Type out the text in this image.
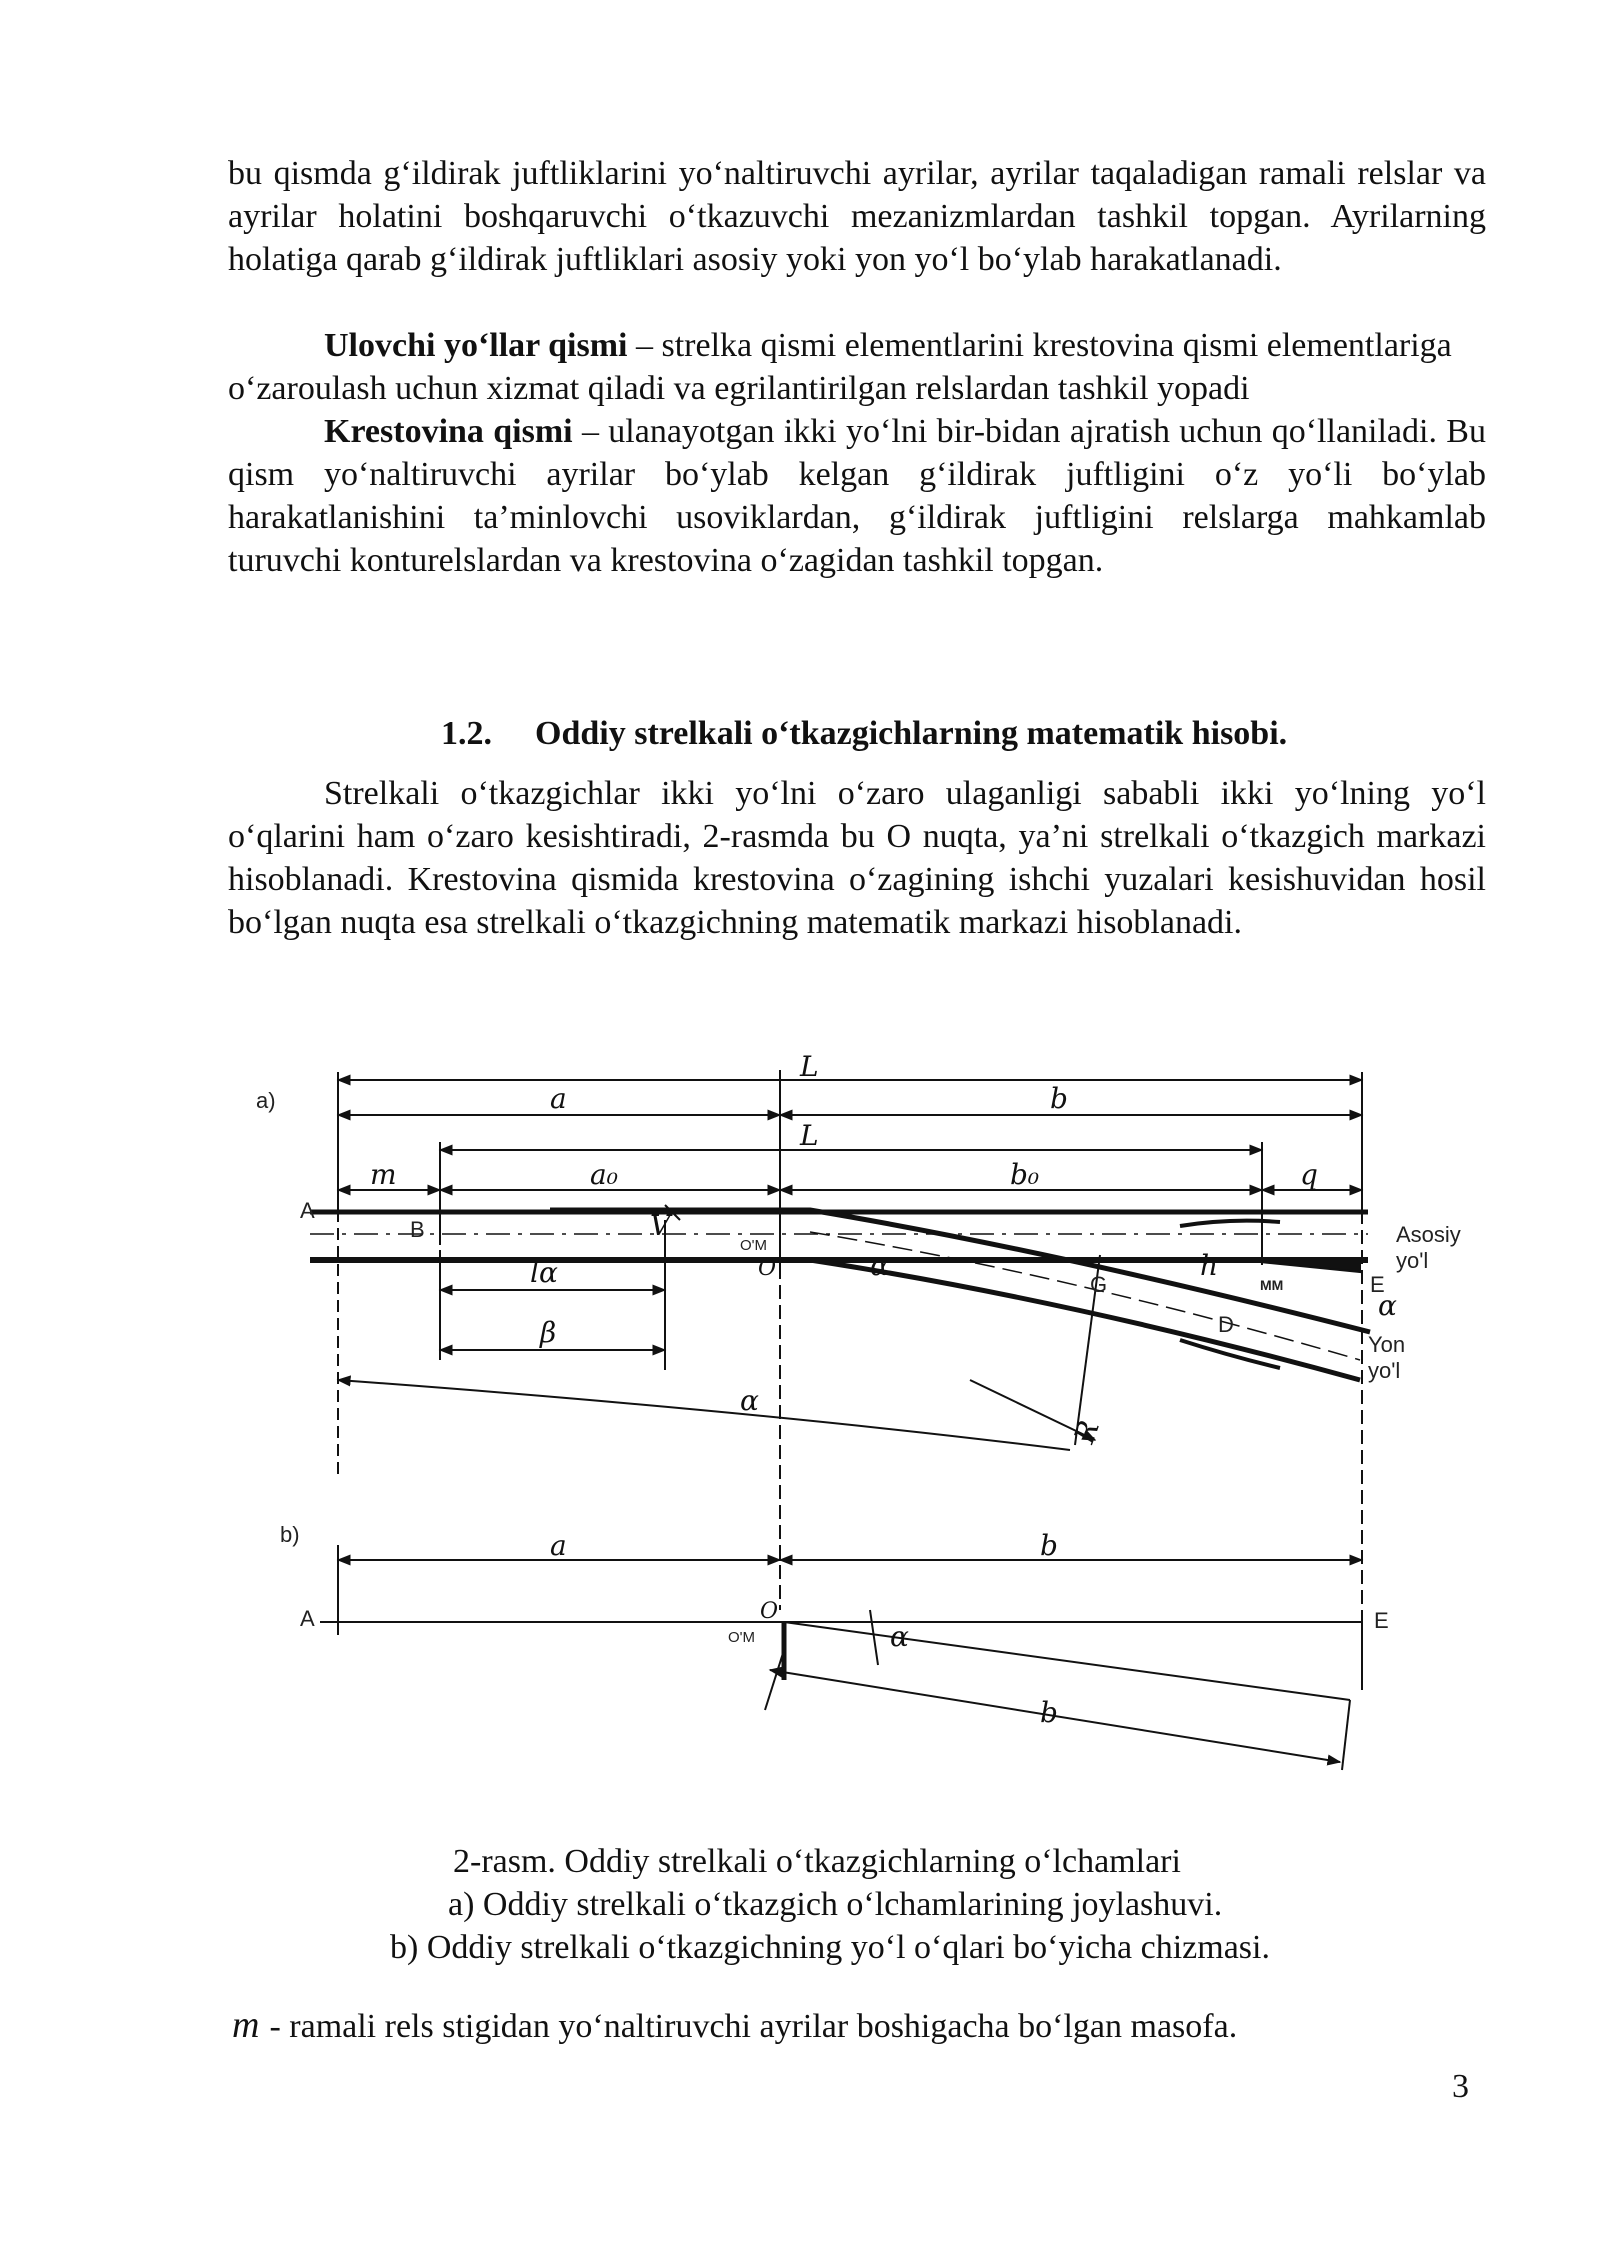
bu qismda g‘ildirak juftliklarini yo‘naltiruvchi ayrilar, ayrilar taqaladigan ramali relslar va ayrilar holatini boshqaruvchi o‘tkazuvchi mezanizmlardan tashkil topgan. Ayrilarning holatiga qarab g‘ildirak juftliklari asosiy yoki yon yo‘l bo‘ylab harakatlanadi.

Ulovchi yo‘llar qismi – strelka qismi elementlarini krestovina qismi elementlariga o‘zaroulash uchun xizmat qiladi va egrilantirilgan relslardan tashkil yopadi

Krestovina qismi – ulanayotgan ikki yo‘lni bir-bidan ajratish uchun qo‘llaniladi. Bu qism yo‘naltiruvchi ayrilar bo‘ylab kelgan g‘ildirak juftligini o‘z yo‘li bo‘ylab harakatlanishini ta’minlovchi usoviklardan, g‘ildirak juftligini relslarga mahkamlab turuvchi konturelslardan va krestovina o‘zagidan tashkil topgan.

1.2. Oddiy strelkali o‘tkazgichlarning matematik hisobi.

Strelkali o‘tkazgichlar ikki yo‘lni o‘zaro ulaganligi sababli ikki yo‘lning yo‘l o‘qlarini ham o‘zaro kesishtiradi, 2-rasmda bu O nuqta, ya’ni strelkali o‘tkazgich markazi hisoblanadi. Krestovina qismida krestovina o‘zagining ishchi yuzalari kesishuvidan hosil bo‘lgan nuqta esa strelkali o‘tkazgichning matematik markazi hisoblanadi.

a)
A
B	V
O'M
O
G
D
E
MM
Asosiy
yo'l
Yon
yo'l
L
a	b
L
m	a₀	b₀	q
h
lα
β
α
α
α
R
b)
A
a	b
O
O'M	α	E
b
2-rasm. Oddiy strelkali o‘tkazgichlarning o‘lchamlari
a) Oddiy strelkali o‘tkazgich o‘lchamlarining joylashuvi.
b) Oddiy strelkali o‘tkazgichning yo‘l o‘qlari bo‘yicha chizmasi.
m - ramali rels stigidan yo‘naltiruvchi ayrilar boshigacha bo‘lgan masofa.
3
